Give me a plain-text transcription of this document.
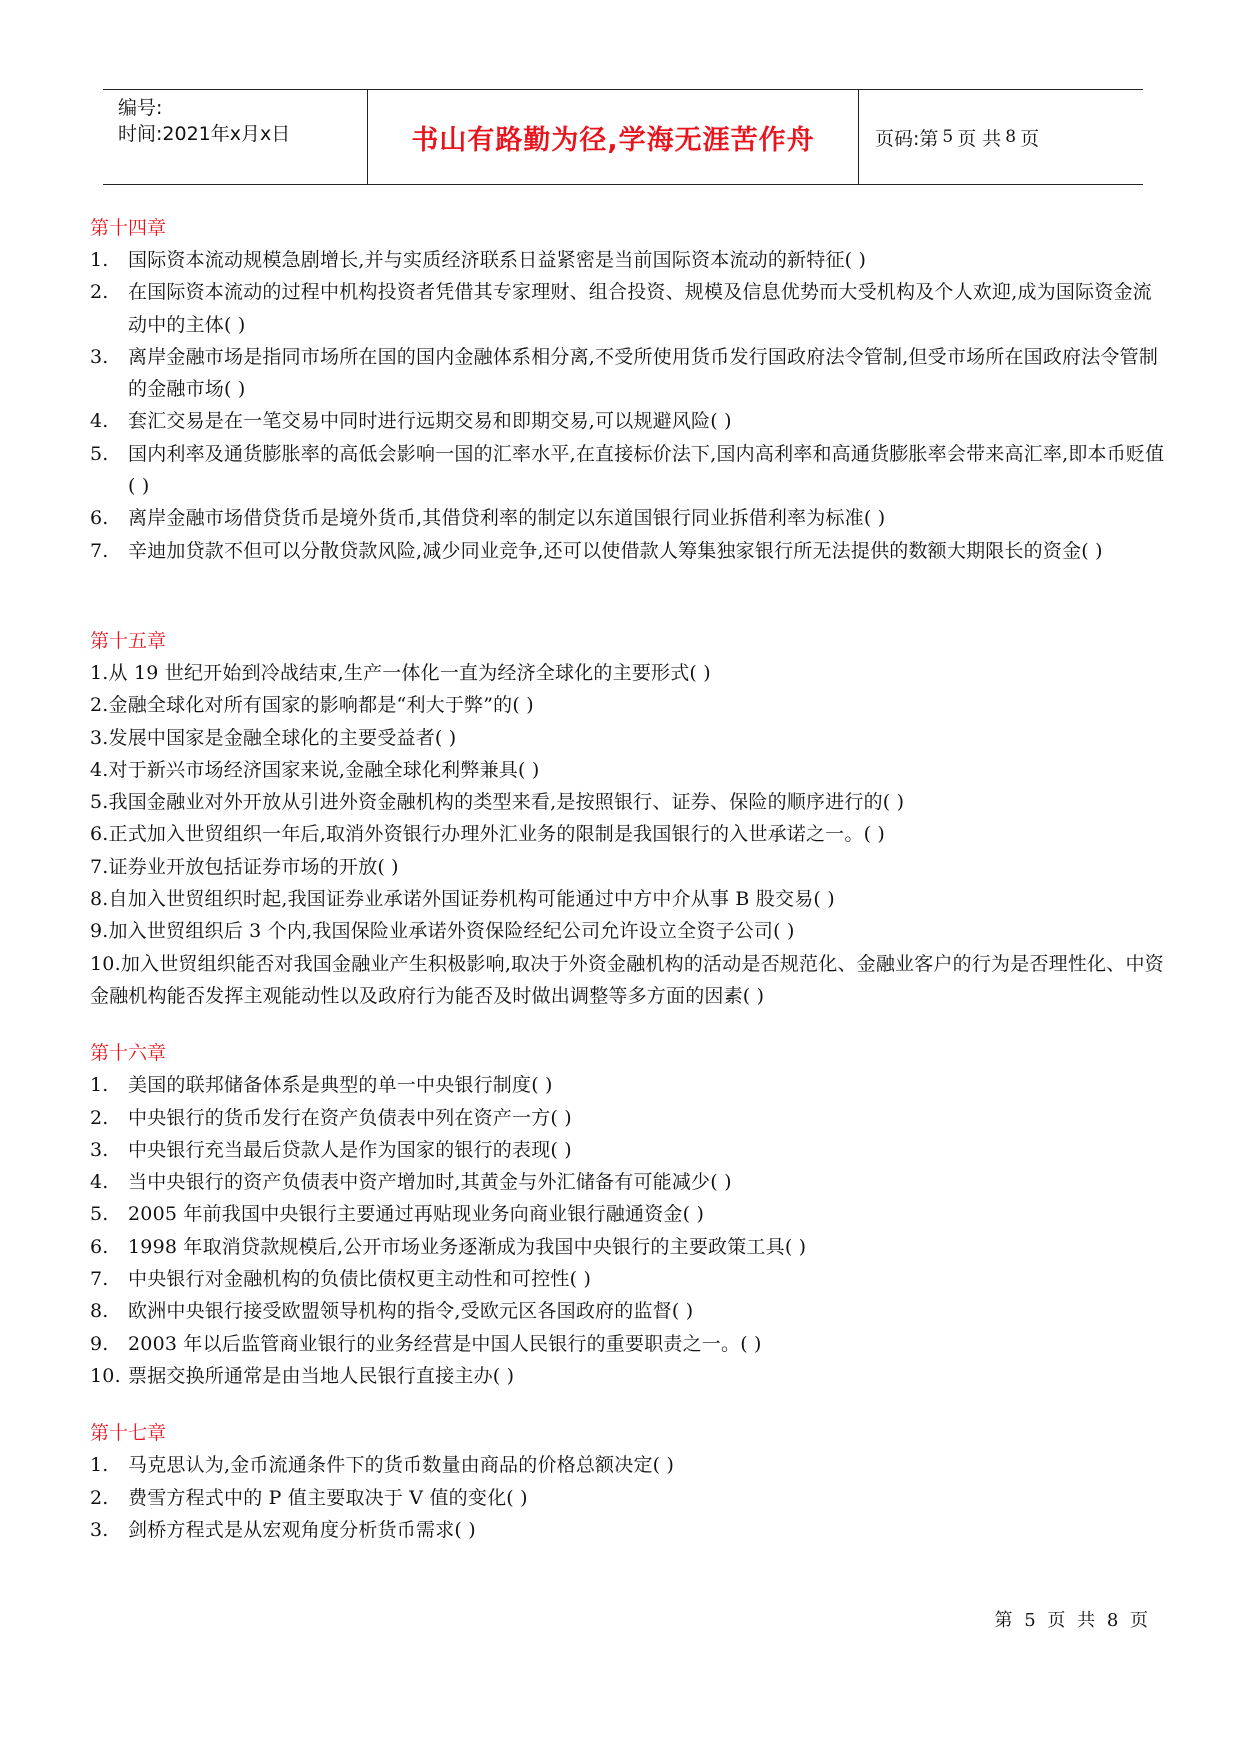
编号:
时间:2021年x月x日	书山有路勤为径,学海无涯苦作舟	页码:第 5 页 共 8 页
第十四章
1.	国际资本流动规模急剧增长,并与实质经济联系日益紧密是当前国际资本流动的新特征( )
2.	在国际资本流动的过程中机构投资者凭借其专家理财、组合投资、规模及信息优势而大受机构及个人欢迎,成为国际资金流动中的主体( )
3.	离岸金融市场是指同市场所在国的国内金融体系相分离,不受所使用货币发行国政府法令管制,但受市场所在国政府法令管制的金融市场( )
4.	套汇交易是在一笔交易中同时进行远期交易和即期交易,可以规避风险( )
5.	国内利率及通货膨胀率的高低会影响一国的汇率水平,在直接标价法下,国内高利率和高通货膨胀率会带来高汇率,即本币贬值( )
6.	离岸金融市场借贷货币是境外货币,其借贷利率的制定以东道国银行同业拆借利率为标准( )
7.	辛迪加贷款不但可以分散贷款风险,减少同业竞争,还可以使借款人筹集独家银行所无法提供的数额大期限长的资金( )
第十五章
1.从 19 世纪开始到冷战结束,生产一体化一直为经济全球化的主要形式( )
2.金融全球化对所有国家的影响都是“利大于弊”的( )
3.发展中国家是金融全球化的主要受益者( )
4.对于新兴市场经济国家来说,金融全球化利弊兼具( )
5.我国金融业对外开放从引进外资金融机构的类型来看,是按照银行、证券、保险的顺序进行的( )
6.正式加入世贸组织一年后,取消外资银行办理外汇业务的限制是我国银行的入世承诺之一。( )
7.证券业开放包括证券市场的开放( )
8.自加入世贸组织时起,我国证券业承诺外国证券机构可能通过中方中介从事 B 股交易( )
9.加入世贸组织后 3 个内,我国保险业承诺外资保险经纪公司允许设立全资子公司( )
10.加入世贸组织能否对我国金融业产生积极影响,取决于外资金融机构的活动是否规范化、金融业客户的行为是否理性化、中资金融机构能否发挥主观能动性以及政府行为能否及时做出调整等多方面的因素( )
第十六章
1.	美国的联邦储备体系是典型的单一中央银行制度( )
2.	中央银行的货币发行在资产负债表中列在资产一方( )
3.	中央银行充当最后贷款人是作为国家的银行的表现( )
4.	当中央银行的资产负债表中资产增加时,其黄金与外汇储备有可能减少( )
5.	2005 年前我国中央银行主要通过再贴现业务向商业银行融通资金( )
6.	1998 年取消贷款规模后,公开市场业务逐渐成为我国中央银行的主要政策工具( )
7.	中央银行对金融机构的负债比债权更主动性和可控性( )
8.	欧洲中央银行接受欧盟领导机构的指令,受欧元区各国政府的监督( )
9.	2003 年以后监管商业银行的业务经营是中国人民银行的重要职责之一。( )
10. 票据交换所通常是由当地人民银行直接主办( )
第十七章
1.	马克思认为,金币流通条件下的货币数量由商品的价格总额决定( )
2.	费雪方程式中的 P 值主要取决于 V 值的变化( )
3.	剑桥方程式是从宏观角度分析货币需求( )
第 5 页 共 8 页
